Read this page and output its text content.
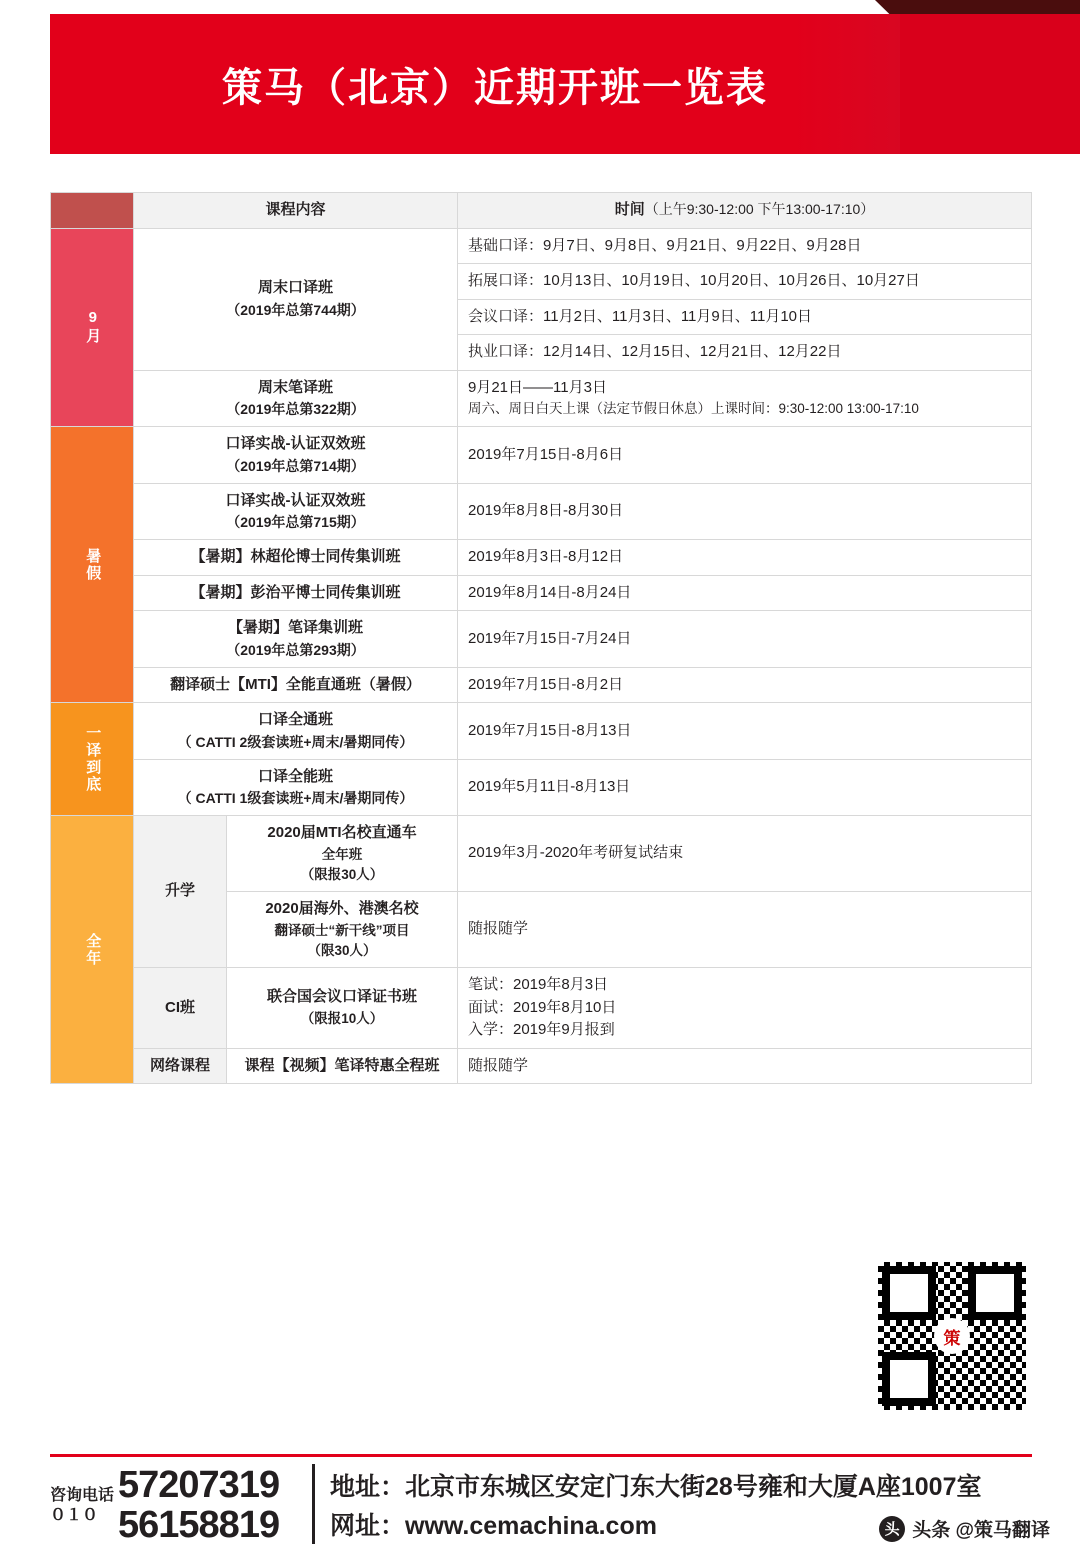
策马（北京）近期开班一览表
	课程内容		时间（上午9:30-12:00 下午13:00-17:10）

9月	周末口译班
（2019年总第744期）		基础口译：9月7日、9月8日、9月21日、9月22日、9月28日
			拓展口译：10月13日、10月19日、10月20日、10月26日、10月27日
			会议口译：11月2日、11月3日、11月9日、11月10日
			执业口译：12月14日、12月15日、12月21日、12月22日
	周末笔译班
（2019年总第322期）		9月21日——11月3日
周六、周日白天上课（法定节假日休息）上课时间：9:30-12:00 13:00-17:10

暑假	口译实战-认证双效班
（2019年总第714期）		2019年7月15日-8月6日
	口译实战-认证双效班
（2019年总第715期）		2019年8月8日-8月30日
	【暑期】林超伦博士同传集训班		2019年8月3日-8月12日
	【暑期】彭治平博士同传集训班		2019年8月14日-8月24日
	【暑期】笔译集训班
（2019年总第293期）		2019年7月15日-7月24日
	翻译硕士【MTI】全能直通班（暑假）		2019年7月15日-8月2日

一译到底	口译全通班
（ CATTI 2级套读班+周末/暑期同传）		2019年7月15日-8月13日
	口译全能班
（ CATTI 1级套读班+周末/暑期同传）		2019年5月11日-8月13日

全年	升学	2020届MTI名校直通车
全年班
（限报30人）	2019年3月-2020年考研复试结束
		2020届海外、港澳名校
翻译硕士“新干线”项目
（限30人）	随报随学
	CI班	联合国会议口译证书班
（限报10人）	笔试：2019年8月3日
面试：2019年8月10日
入学：2019年9月报到
	网络课程	课程【视频】笔译特惠全程班	随报随学
策
咨询电话
０１０
57207319
56158819
地址：北京市东城区安定门东大街28号雍和大厦A座1007室
网址：www.cemachina.com	头 头条 @策马翻译
